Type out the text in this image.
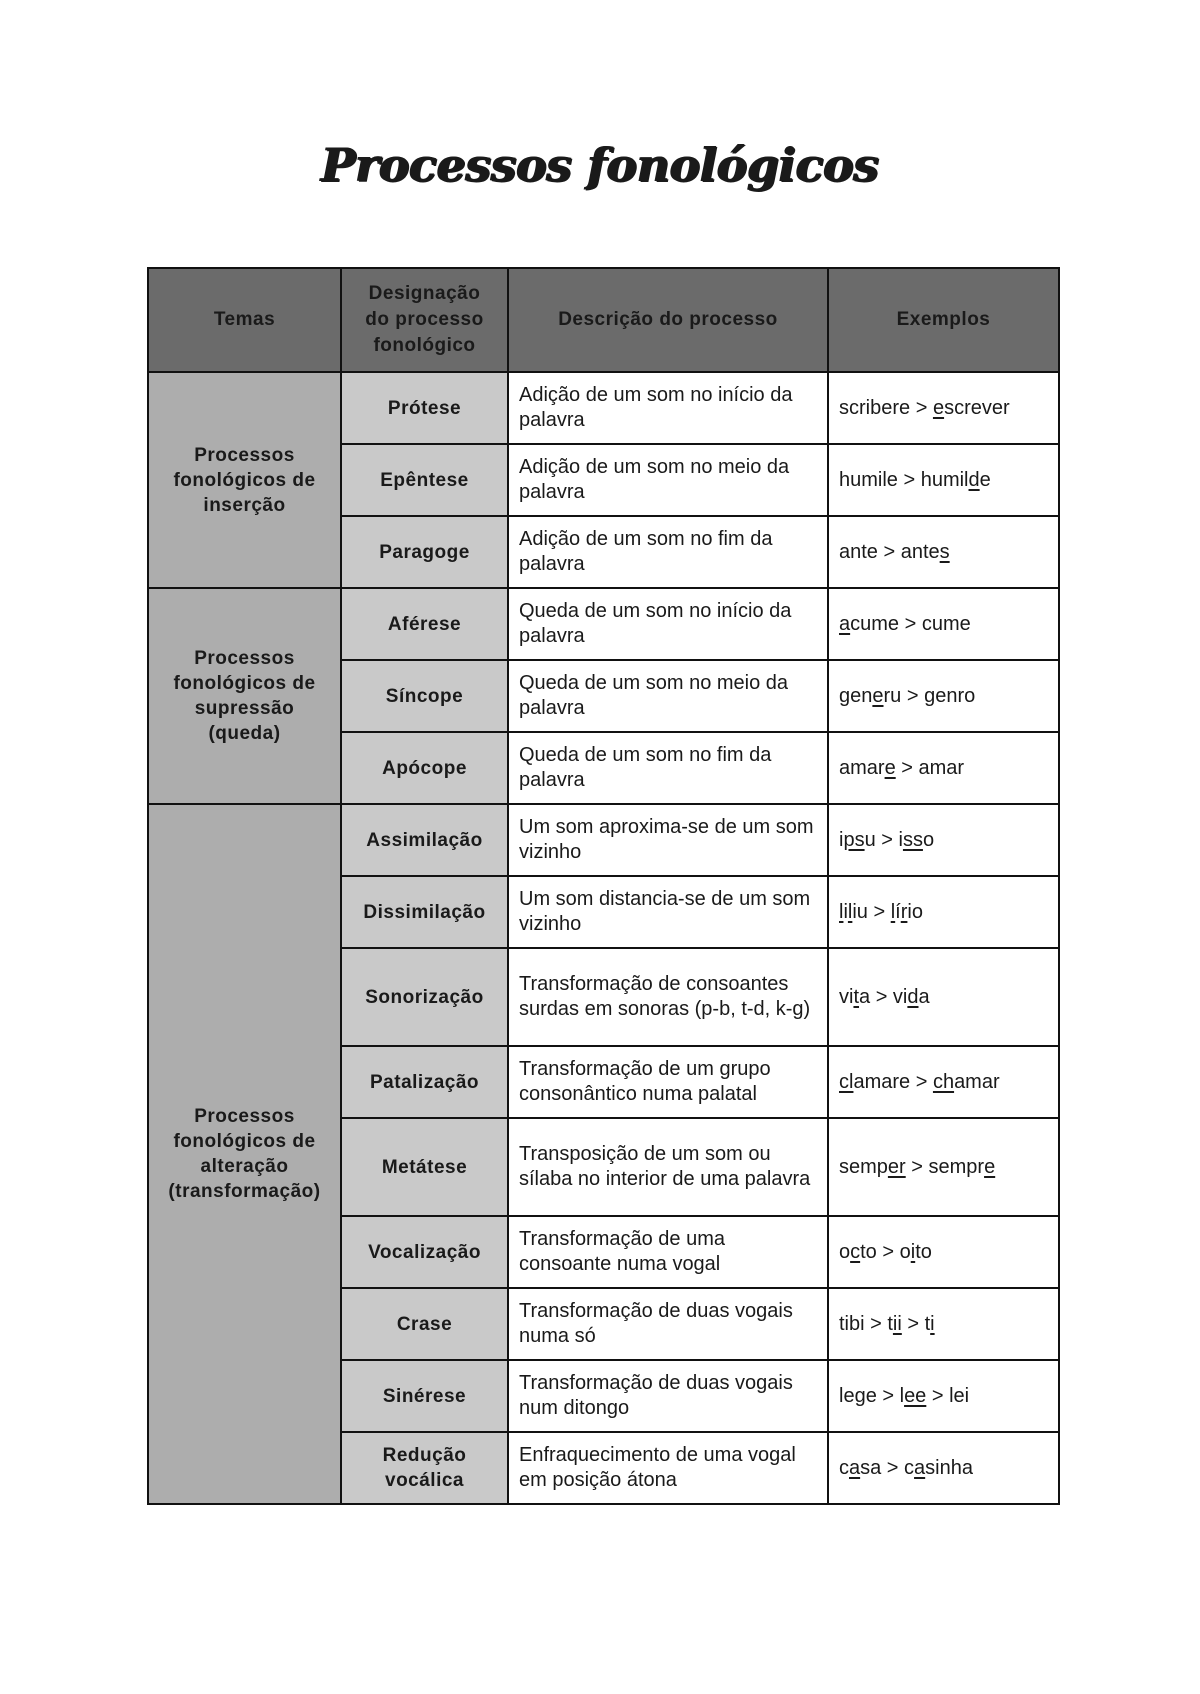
Processos fonológicos
Temas	Designação do processo fonológico	Descrição do processo	Exemplos

Processos fonológicos de inserção	Prótese	Adição de um som no início da palavra	scribere > escrever

	Epêntese	Adição de um som no meio da palavra	humile > humilde

	Paragoge	Adição de um som no fim da palavra	ante > antes

Processos fonológicos de supressão (queda)	Aférese	Queda de um som no início da palavra	acume > cume

	Síncope	Queda de um som no meio da palavra	generu > genro

	Apócope	Queda de um som no fim da palavra	amare > amar

Processos fonológicos de alteração (transformação)	Assimilação	Um som aproxima-se de um som vizinho	ipsu > isso

	Dissimilação	Um som distancia-se de um som vizinho	liliu > lírio

	Sonorização	Transformação de consoantes surdas em sonoras (p-b, t-d, k-g)	vita > vida

	Patalização	Transformação de um grupo consonântico numa palatal	clamare > chamar

	Metátese	Transposição de um som ou sílaba no interior de uma palavra	semper > sempre

	Vocalização	Transformação de uma consoante numa vogal	octo > oito

	Crase	Transformação de duas vogais numa só	tibi > tii > ti

	Sinérese	Transformação de duas vogais num ditongo	lege > lee > lei

	Redução vocálica	Enfraquecimento de uma vogal em posição átona	casa > casinha
